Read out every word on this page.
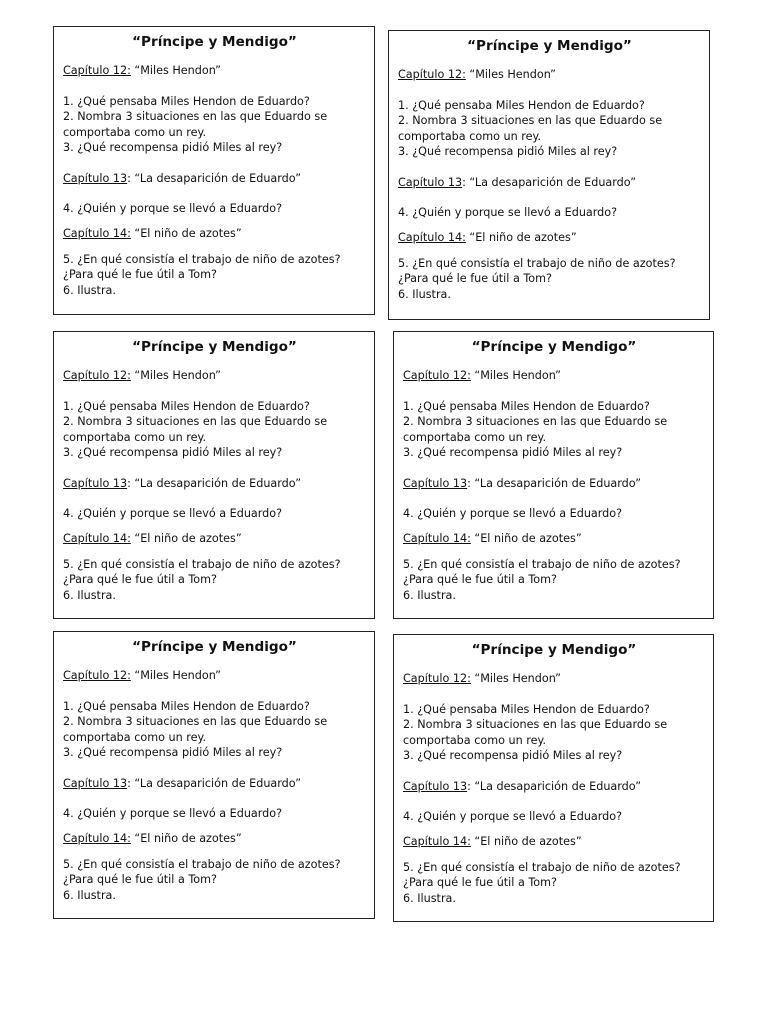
“Príncipe y Mendigo”

Capítulo 12: “Miles Hendon”

1. ¿Qué pensaba Miles Hendon de Eduardo?

2. Nombra 3 situaciones en las que Eduardo se

comportaba como un rey.

3. ¿Qué recompensa pidió Miles al rey?

Capítulo 13: “La desaparición de Eduardo”

4. ¿Quién y porque se llevó a Eduardo?

Capítulo 14: “El niño de azotes”

5. ¿En qué consistía el trabajo de niño de azotes?

¿Para qué le fue útil a Tom?

6. Ilustra.

“Príncipe y Mendigo”

Capítulo 12: “Miles Hendon”

1. ¿Qué pensaba Miles Hendon de Eduardo?

2. Nombra 3 situaciones en las que Eduardo se

comportaba como un rey.

3. ¿Qué recompensa pidió Miles al rey?

Capítulo 13: “La desaparición de Eduardo”

4. ¿Quién y porque se llevó a Eduardo?

Capítulo 14: “El niño de azotes”

5. ¿En qué consistía el trabajo de niño de azotes?

¿Para qué le fue útil a Tom?

6. Ilustra.

“Príncipe y Mendigo”

Capítulo 12: “Miles Hendon”

1. ¿Qué pensaba Miles Hendon de Eduardo?

2. Nombra 3 situaciones en las que Eduardo se

comportaba como un rey.

3. ¿Qué recompensa pidió Miles al rey?

Capítulo 13: “La desaparición de Eduardo”

4. ¿Quién y porque se llevó a Eduardo?

Capítulo 14: “El niño de azotes”

5. ¿En qué consistía el trabajo de niño de azotes?

¿Para qué le fue útil a Tom?

6. Ilustra.

“Príncipe y Mendigo”

Capítulo 12: “Miles Hendon”

1. ¿Qué pensaba Miles Hendon de Eduardo?

2. Nombra 3 situaciones en las que Eduardo se

comportaba como un rey.

3. ¿Qué recompensa pidió Miles al rey?

Capítulo 13: “La desaparición de Eduardo”

4. ¿Quién y porque se llevó a Eduardo?

Capítulo 14: “El niño de azotes”

5. ¿En qué consistía el trabajo de niño de azotes?

¿Para qué le fue útil a Tom?

6. Ilustra.

“Príncipe y Mendigo”

Capítulo 12: “Miles Hendon”

1. ¿Qué pensaba Miles Hendon de Eduardo?

2. Nombra 3 situaciones en las que Eduardo se

comportaba como un rey.

3. ¿Qué recompensa pidió Miles al rey?

Capítulo 13: “La desaparición de Eduardo”

4. ¿Quién y porque se llevó a Eduardo?

Capítulo 14: “El niño de azotes”

5. ¿En qué consistía el trabajo de niño de azotes?

¿Para qué le fue útil a Tom?

6. Ilustra.

“Príncipe y Mendigo”

Capítulo 12: “Miles Hendon”

1. ¿Qué pensaba Miles Hendon de Eduardo?

2. Nombra 3 situaciones en las que Eduardo se

comportaba como un rey.

3. ¿Qué recompensa pidió Miles al rey?

Capítulo 13: “La desaparición de Eduardo”

4. ¿Quién y porque se llevó a Eduardo?

Capítulo 14: “El niño de azotes”

5. ¿En qué consistía el trabajo de niño de azotes?

¿Para qué le fue útil a Tom?

6. Ilustra.
